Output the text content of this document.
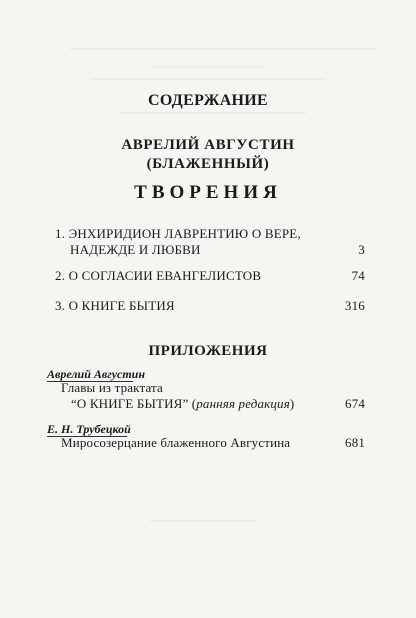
СОДЕРЖАНИЕ
АВРЕЛИЙ АВГУСТИН
(БЛАЖЕННЫЙ)
ТВОРЕНИЯ
1. ЭНХИРИДИОН ЛАВРЕНТИЮ О ВЕРЕ,
НАДЕЖДЕ И ЛЮБВИ	3
2. О СОГЛАСИИ ЕВАНГЕЛИСТОВ	74
3. О КНИГЕ БЫТИЯ	316
ПРИЛОЖЕНИЯ
Аврелий Августин
Главы из трактата
“О КНИГЕ БЫТИЯ” (ранняя редакция)	674
Е. Н. Трубецкой
Миросозерцание блаженного Августина	681
